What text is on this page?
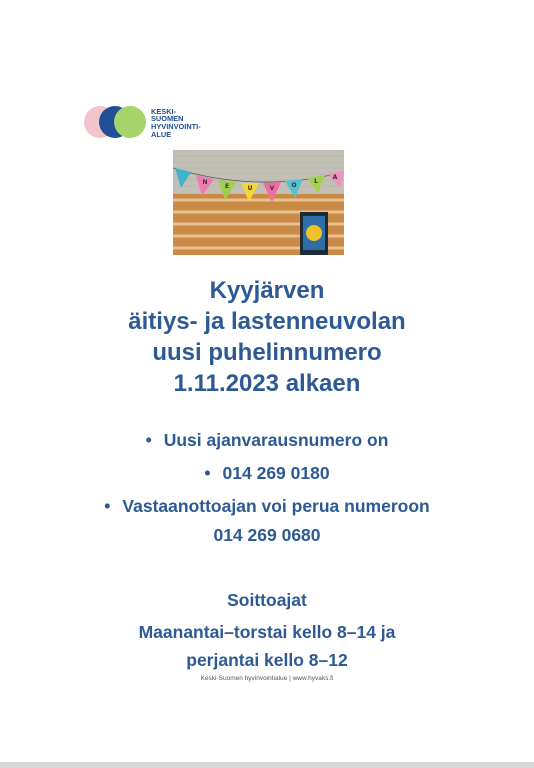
KESKI-
SUOMEN
HYVINVOINTI-
ALUE
N
E	U	V	O
L
A
Kyyjärven
äitiys- ja lastenneuvolan
uusi puhelinnumero
1.11.2023 alkaen
• Uusi ajanvarausnumero on
• 014 269 0180
• Vastaanottoajan voi perua numeroon
014 269 0680
Soittoajat
Maanantai–torstai kello 8–14 ja
perjantai kello 8–12
Keski-Suomen hyvinvointialue | www.hyvaks.fi
